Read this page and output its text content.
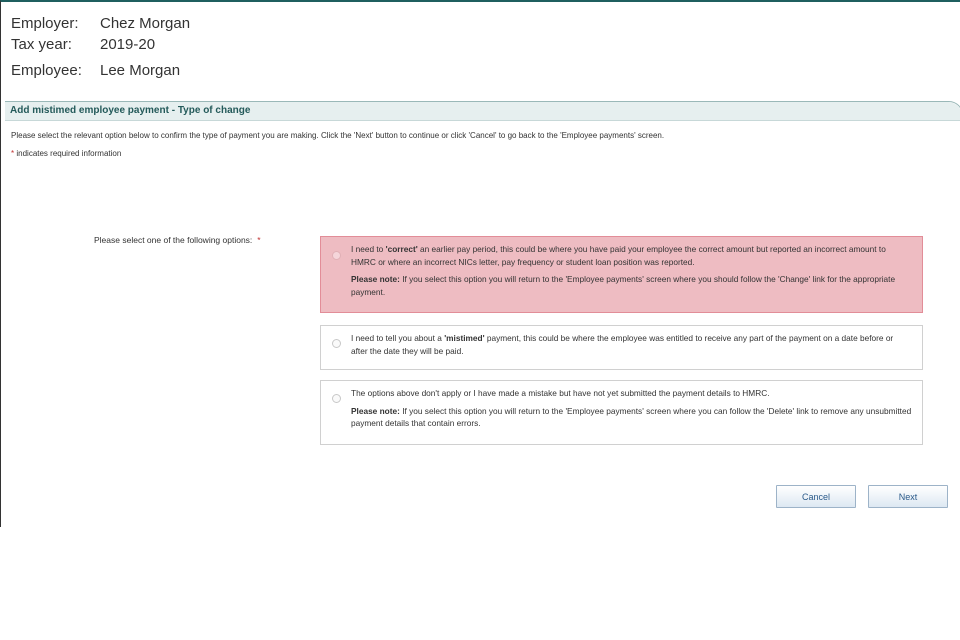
Employer: Chez Morgan
Tax year: 2019-20
Employee: Lee Morgan
Add mistimed employee payment - Type of change
Please select the relevant option below to confirm the type of payment you are making. Click the 'Next' button to continue or click 'Cancel' to go back to the 'Employee payments' screen.
* indicates required information
Please select one of the following options: *

I need to 'correct' an earlier pay period, this could be where you have paid your employee the correct amount but reported an incorrect amount to HMRC or where an incorrect NICs letter, pay frequency or student loan position was reported.

Please note: If you select this option you will return to the 'Employee payments' screen where you should follow the 'Change' link for the appropriate payment.

I need to tell you about a 'mistimed' payment, this could be where the employee was entitled to receive any part of the payment on a date before or after the date they will be paid.

The options above don't apply or I have made a mistake but have not yet submitted the payment details to HMRC.

Please note: If you select this option you will return to the 'Employee payments' screen where you can follow the 'Delete' link to remove any unsubmitted payment details that contain errors.

Cancel	Next
